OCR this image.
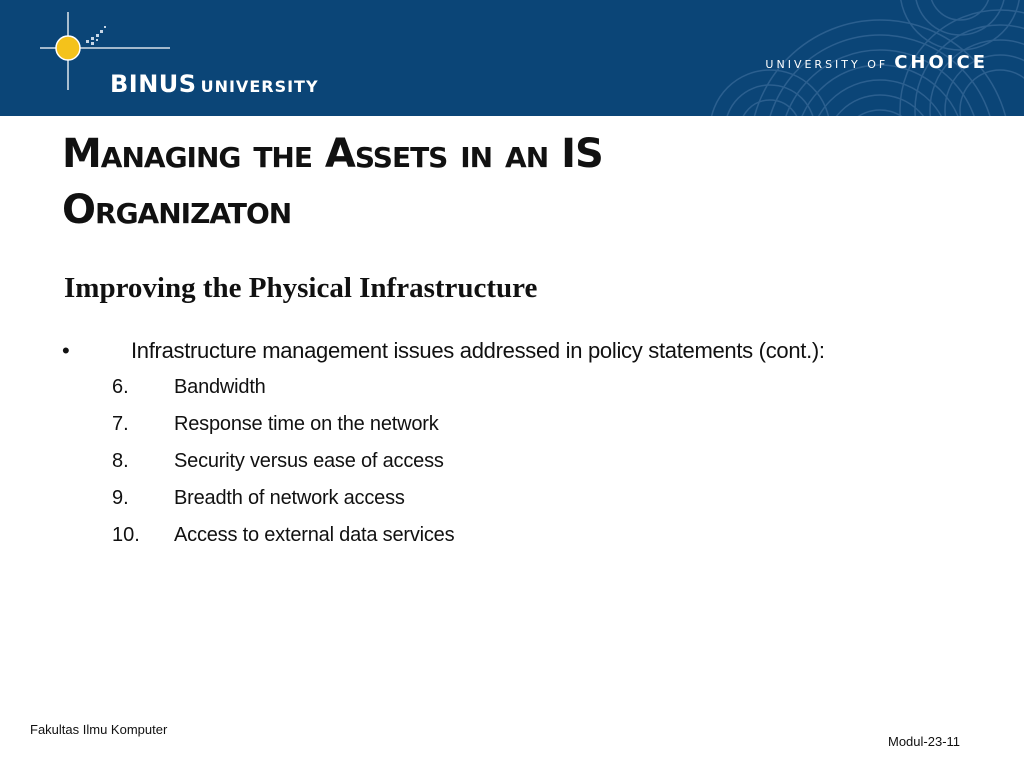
BINUS UNIVERSITY
UNIVERSITY OF CHOICE
Managing the Assets in an IS
Organizaton
Improving the Physical Infrastructure
•	Infrastructure management issues addressed in policy statements (cont.):
6. Bandwidth
7. Response time on the network
8. Security versus ease of access
9. Breadth of network access
10. Access to external data services
Fakultas Ilmu Komputer
Modul-23-11
